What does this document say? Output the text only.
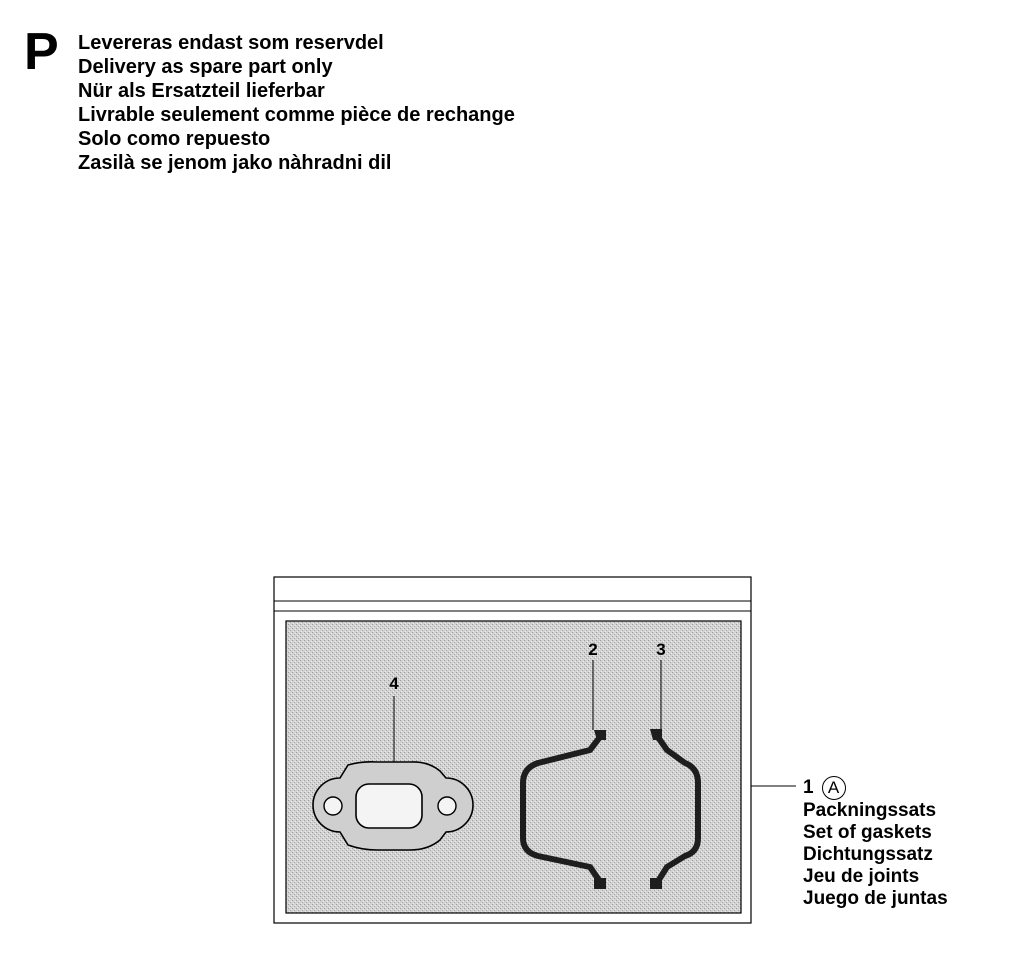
P Levereras endast som reservdel
Delivery as spare part only
Nür als Ersatzteil lieferbar
Livrable seulement comme pièce de rechange
Solo como repuesto
Zasilà se jenom jako nàhradni dil
2	3
4
1 A
Packningssats
Set of gaskets
Dichtungssatz
Jeu de joints
Juego de juntas
